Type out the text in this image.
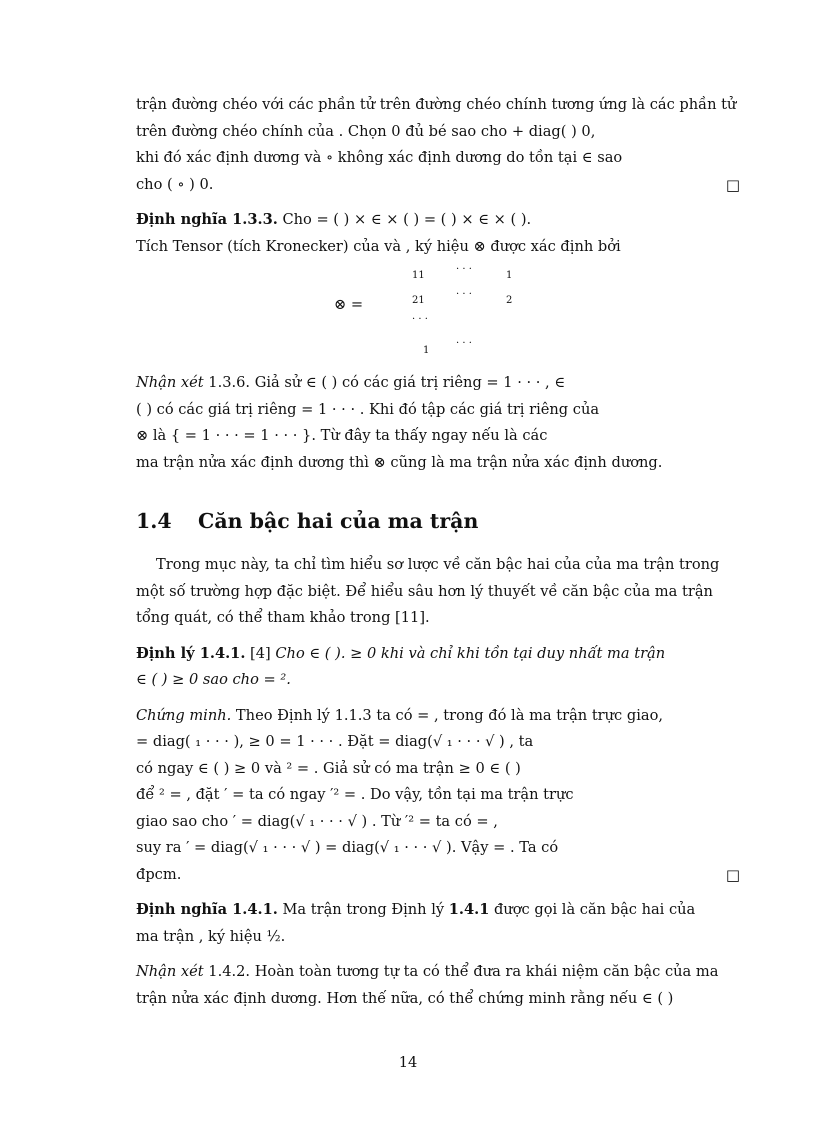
trận đường chéo với các phần tử trên đường chéo chính tương ứng là các phần tử

trên đường chéo chính của . Chọn 0 đủ bé sao cho + diag( ) 0,

khi đó xác định dương và ∘ không xác định dương do tồn tại ∈ sao

cho ( ∘ ) 0.	□

Định nghĩa 1.3.3. Cho = ( ) × ∈ × ( ) = ( ) × ∈ × ( ).

Tích Tensor (tích Kronecker) của và , ký hiệu ⊗ được xác định bởi

⊗ =
11
· · ·
1
21
· · ·
2
· · ·
1
· · ·

Nhận xét 1.3.6. Giả sử ∈ ( ) có các giá trị riêng = 1 · · · , ∈

( ) có các giá trị riêng = 1 · · · . Khi đó tập các giá trị riêng của

⊗ là { = 1 · · · = 1 · · · }. Từ đây ta thấy ngay nếu là các

ma trận nửa xác định dương thì ⊗ cũng là ma trận nửa xác định dương.

1.4 Căn bậc hai của ma trận

Trong mục này, ta chỉ tìm hiểu sơ lược về căn bậc hai của của ma trận trong

một số trường hợp đặc biệt. Để hiểu sâu hơn lý thuyết về căn bậc của ma trận

tổng quát, có thể tham khảo trong [11].

Định lý 1.4.1. [4] Cho ∈ ( ). ≥ 0 khi và chỉ khi tồn tại duy nhất ma trận

∈ ( ) ≥ 0 sao cho = ².

Chứng minh. Theo Định lý 1.1.3 ta có = , trong đó là ma trận trực giao,

= diag( ₁ · · · ), ≥ 0 = 1 · · · . Đặt = diag(√ ₁ · · · √ ) , ta

có ngay ∈ ( ) ≥ 0 và ² = . Giả sử có ma trận ≥ 0 ∈ ( )

để ² = , đặt ′ = ta có ngay ′² = . Do vậy, tồn tại ma trận trực

giao sao cho ′ = diag(√ ₁ · · · √ ) . Từ ′² = ta có = ,

suy ra ′ = diag(√ ₁ · · · √ ) = diag(√ ₁ · · · √ ). Vậy = . Ta có

đpcm.	□

Định nghĩa 1.4.1. Ma trận trong Định lý 1.4.1 được gọi là căn bậc hai của

ma trận , ký hiệu ½.

Nhận xét 1.4.2. Hoàn toàn tương tự ta có thể đưa ra khái niệm căn bậc của ma

trận nửa xác định dương. Hơn thế nữa, có thể chứng minh rằng nếu ∈ ( )

14
